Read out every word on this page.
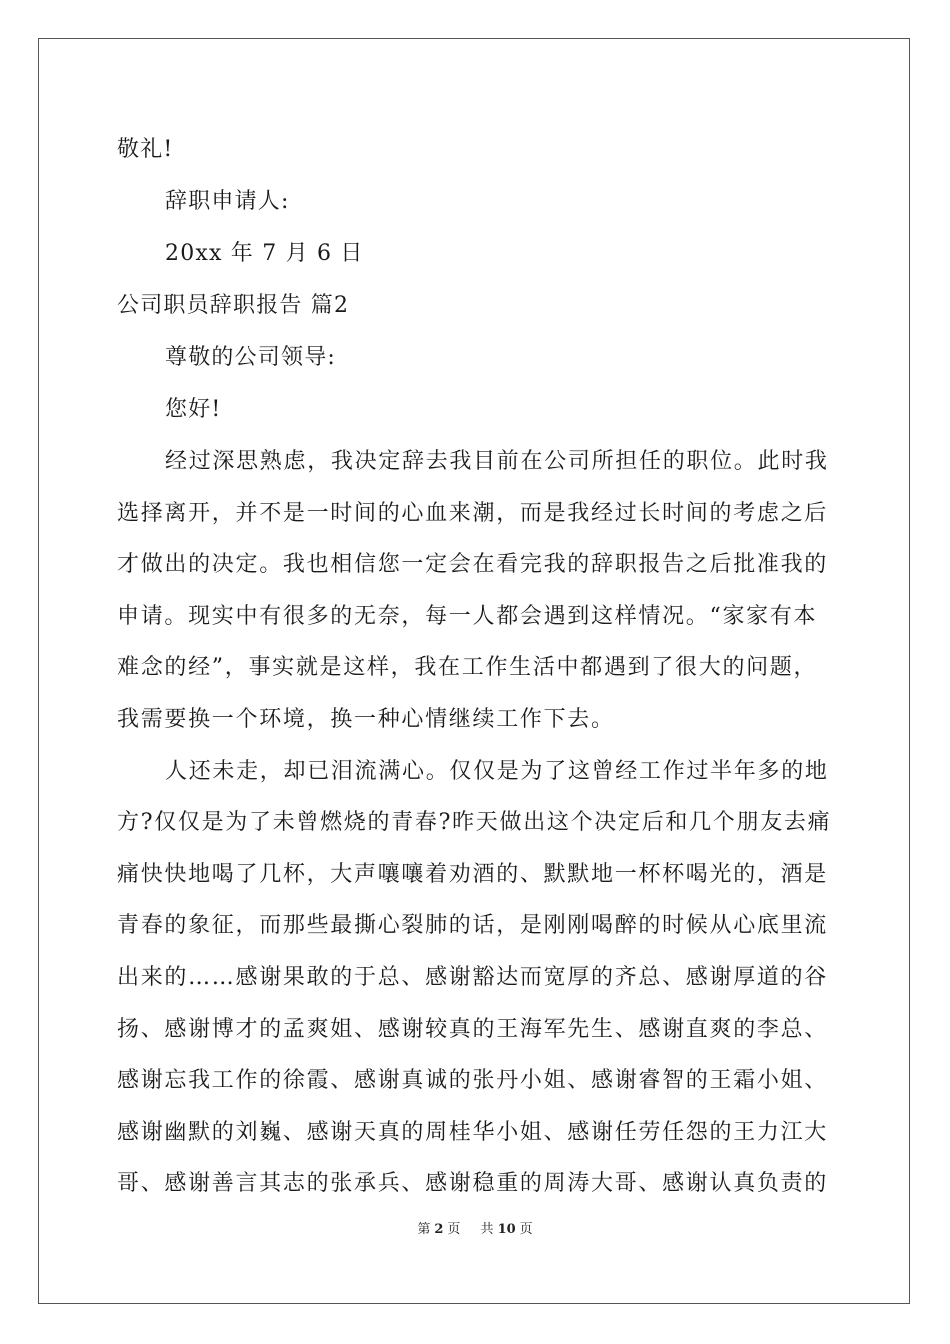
敬礼!
辞职申请人:
20xx 年 7 月 6 日
公司职员辞职报告 篇2
尊敬的公司领导:
您好!
经过深思熟虑，我决定辞去我目前在公司所担任的职位。此时我
选择离开，并不是一时间的心血来潮，而是我经过长时间的考虑之后
才做出的决定。我也相信您一定会在看完我的辞职报告之后批准我的
申请。现实中有很多的无奈，每一人都会遇到这样情况。“家家有本
难念的经”，事实就是这样，我在工作生活中都遇到了很大的问题，
我需要换一个环境，换一种心情继续工作下去。
人还未走，却已泪流满心。仅仅是为了这曾经工作过半年多的地
方?仅仅是为了未曾燃烧的青春?昨天做出这个决定后和几个朋友去痛
痛快快地喝了几杯，大声嚷嚷着劝酒的、默默地一杯杯喝光的，酒是
青春的象征，而那些最撕心裂肺的话，是刚刚喝醉的时候从心底里流
出来的……感谢果敢的于总、感谢豁达而宽厚的齐总、感谢厚道的谷
扬、感谢博才的孟爽姐、感谢较真的王海军先生、感谢直爽的李总、
感谢忘我工作的徐霞、感谢真诚的张丹小姐、感谢睿智的王霜小姐、
感谢幽默的刘巍、感谢天真的周桂华小姐、感谢任劳任怨的王力江大
哥、感谢善言其志的张承兵、感谢稳重的周涛大哥、感谢认真负责的
第 2 页 共 10 页
